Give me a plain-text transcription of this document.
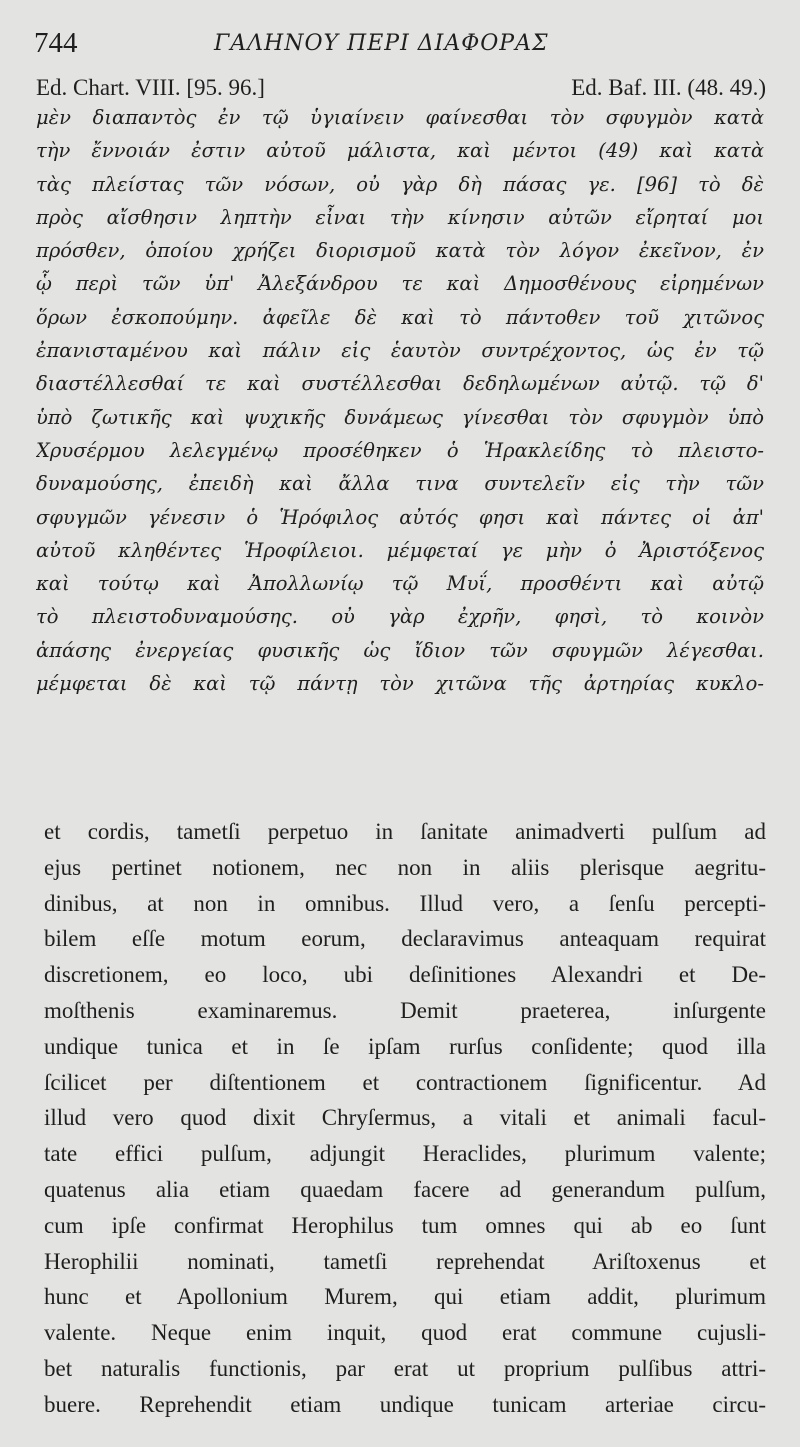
744	ΓΑΛΗΝΟΥ ΠΕΡΙ ΔΙΑΦΟΡΑΣ
Ed. Chart. VIII. [95. 96.]	Ed. Baf. III. (48. 49.)
μὲν διαπαντὸς ἐν τῷ ὑγιαίνειν φαίνεσθαι τὸν σφυγμὸν κατὰ
τὴν ἔννοιάν ἐστιν αὐτοῦ μάλιστα, καὶ μέντοι (49) καὶ κατὰ
τὰς πλείστας τῶν νόσων, οὐ γὰρ δὴ πάσας γε. [96] τὸ δὲ
πρὸς αἴσθησιν ληπτὴν εἶναι τὴν κίνησιν αὐτῶν εἴρηταί μοι
πρόσθεν, ὁποίου χρήζει διορισμοῦ κατὰ τὸν λόγον ἐκεῖνον, ἐν
ᾧ περὶ τῶν ὑπ' Ἀλεξάνδρου τε καὶ Δημοσθένους εἰρημένων
ὅρων ἐσκοπούμην. ἀφεῖλε δὲ καὶ τὸ πάντοθεν τοῦ χιτῶνος
ἐπανισταμένου καὶ πάλιν εἰς ἑαυτὸν συντρέχοντος, ὡς ἐν τῷ
διαστέλλεσθαί τε καὶ συστέλλεσθαι δεδηλωμένων αὐτῷ. τῷ δ'
ὑπὸ ζωτικῆς καὶ ψυχικῆς δυνάμεως γίνεσθαι τὸν σφυγμὸν ὑπὸ
Χρυσέρμου λελεγμένῳ προσέθηκεν ὁ Ἡρακλείδης τὸ πλειστο-
δυναμούσης, ἐπειδὴ καὶ ἄλλα τινα συντελεῖν εἰς τὴν τῶν
σφυγμῶν γένεσιν ὁ Ἡρόφιλος αὐτός φησι καὶ πάντες οἱ ἀπ'
αὐτοῦ κληθέντες Ἡροφίλειοι. μέμφεταί γε μὴν ὁ Ἀριστόξενος
καὶ τούτῳ καὶ Ἀπολλωνίῳ τῷ Μυΐ, προσθέντι καὶ αὐτῷ
τὸ πλειστοδυναμούσης. οὐ γὰρ ἐχρῆν, φησὶ, τὸ κοινὸν
ἁπάσης ἐνεργείας φυσικῆς ὡς ἴδιον τῶν σφυγμῶν λέγεσθαι.
μέμφεται δὲ καὶ τῷ πάντῃ τὸν χιτῶνα τῆς ἀρτηρίας κυκλο-
et cordis, tametſi perpetuo in ſanitate animadverti pulſum ad
ejus pertinet notionem, nec non in aliis plerisque aegritu-
dinibus, at non in omnibus. Illud vero, a ſenſu percepti-
bilem eſſe motum eorum, declaravimus anteaquam requirat
discretionem, eo loco, ubi deſinitiones Alexandri et De-
moſthenis examinaremus. Demit praeterea, inſurgente
undique tunica et in ſe ipſam rurſus conſidente; quod illa
ſcilicet per diſtentionem et contractionem ſignificentur. Ad
illud vero quod dixit Chryſermus, a vitali et animali facul-
tate effici pulſum, adjungit Heraclides, plurimum valente;
quatenus alia etiam quaedam facere ad generandum pulſum,
cum ipſe confirmat Herophilus tum omnes qui ab eo ſunt
Herophilii nominati, tametſi reprehendat Ariſtoxenus et
hunc et Apollonium Murem, qui etiam addit, plurimum
valente. Neque enim inquit, quod erat commune cujusli-
bet naturalis functionis, par erat ut proprium pulſibus attri-
buere. Reprehendit etiam undique tunicam arteriae circu-
